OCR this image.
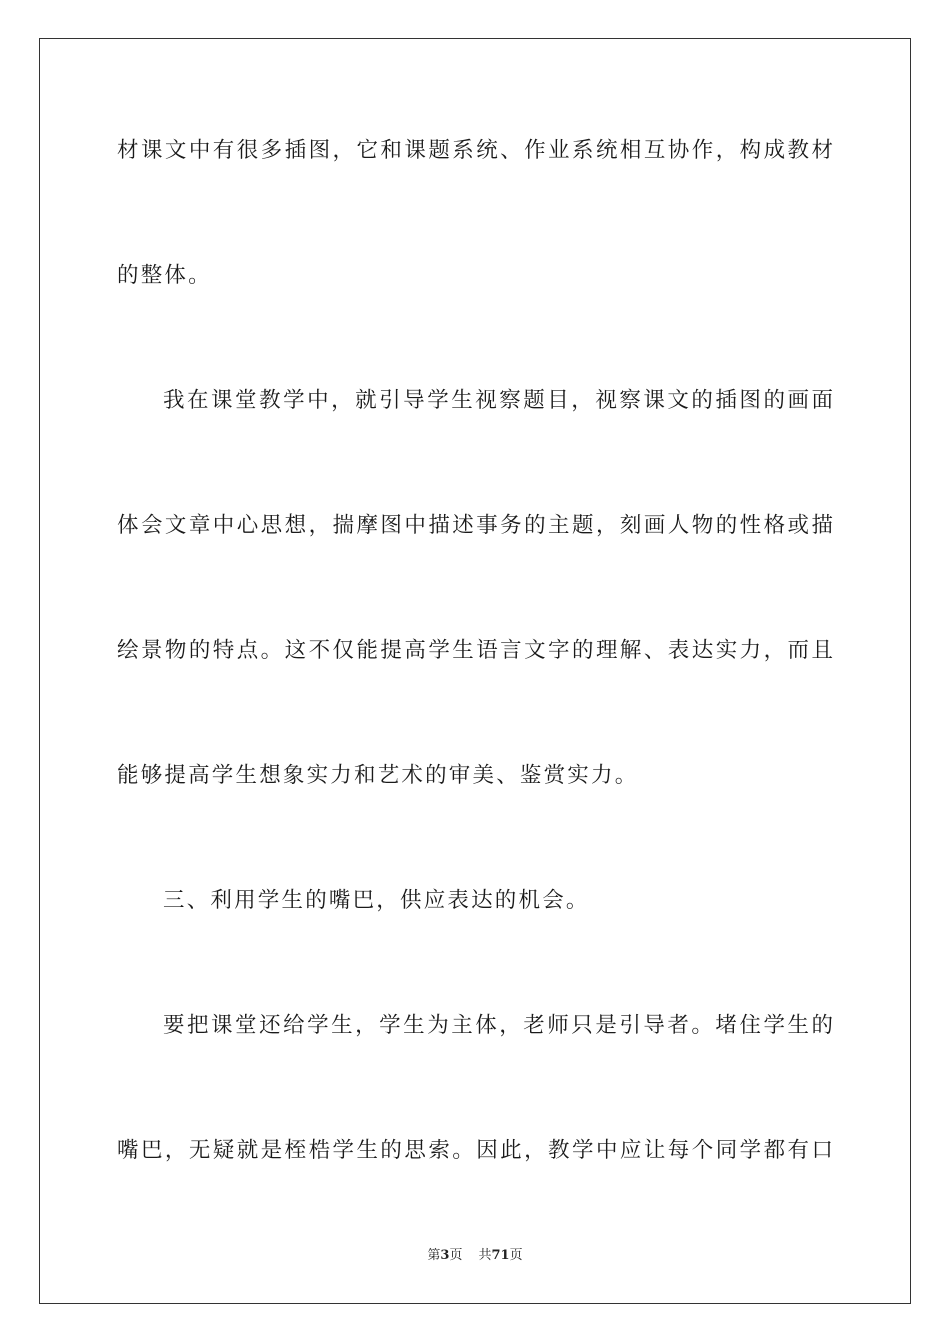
材课文中有很多插图，它和课题系统、作业系统相互协作，构成教材
的整体。
我在课堂教学中，就引导学生视察题目，视察课文的插图的画面
体会文章中心思想，揣摩图中描述事务的主题，刻画人物的性格或描
绘景物的特点。这不仅能提高学生语言文字的理解、表达实力，而且
能够提高学生想象实力和艺术的审美、鉴赏实力。
三、利用学生的嘴巴，供应表达的机会。
要把课堂还给学生，学生为主体，老师只是引导者。堵住学生的
嘴巴，无疑就是桎梏学生的思索。因此，教学中应让每个同学都有口
第3页 共71页
